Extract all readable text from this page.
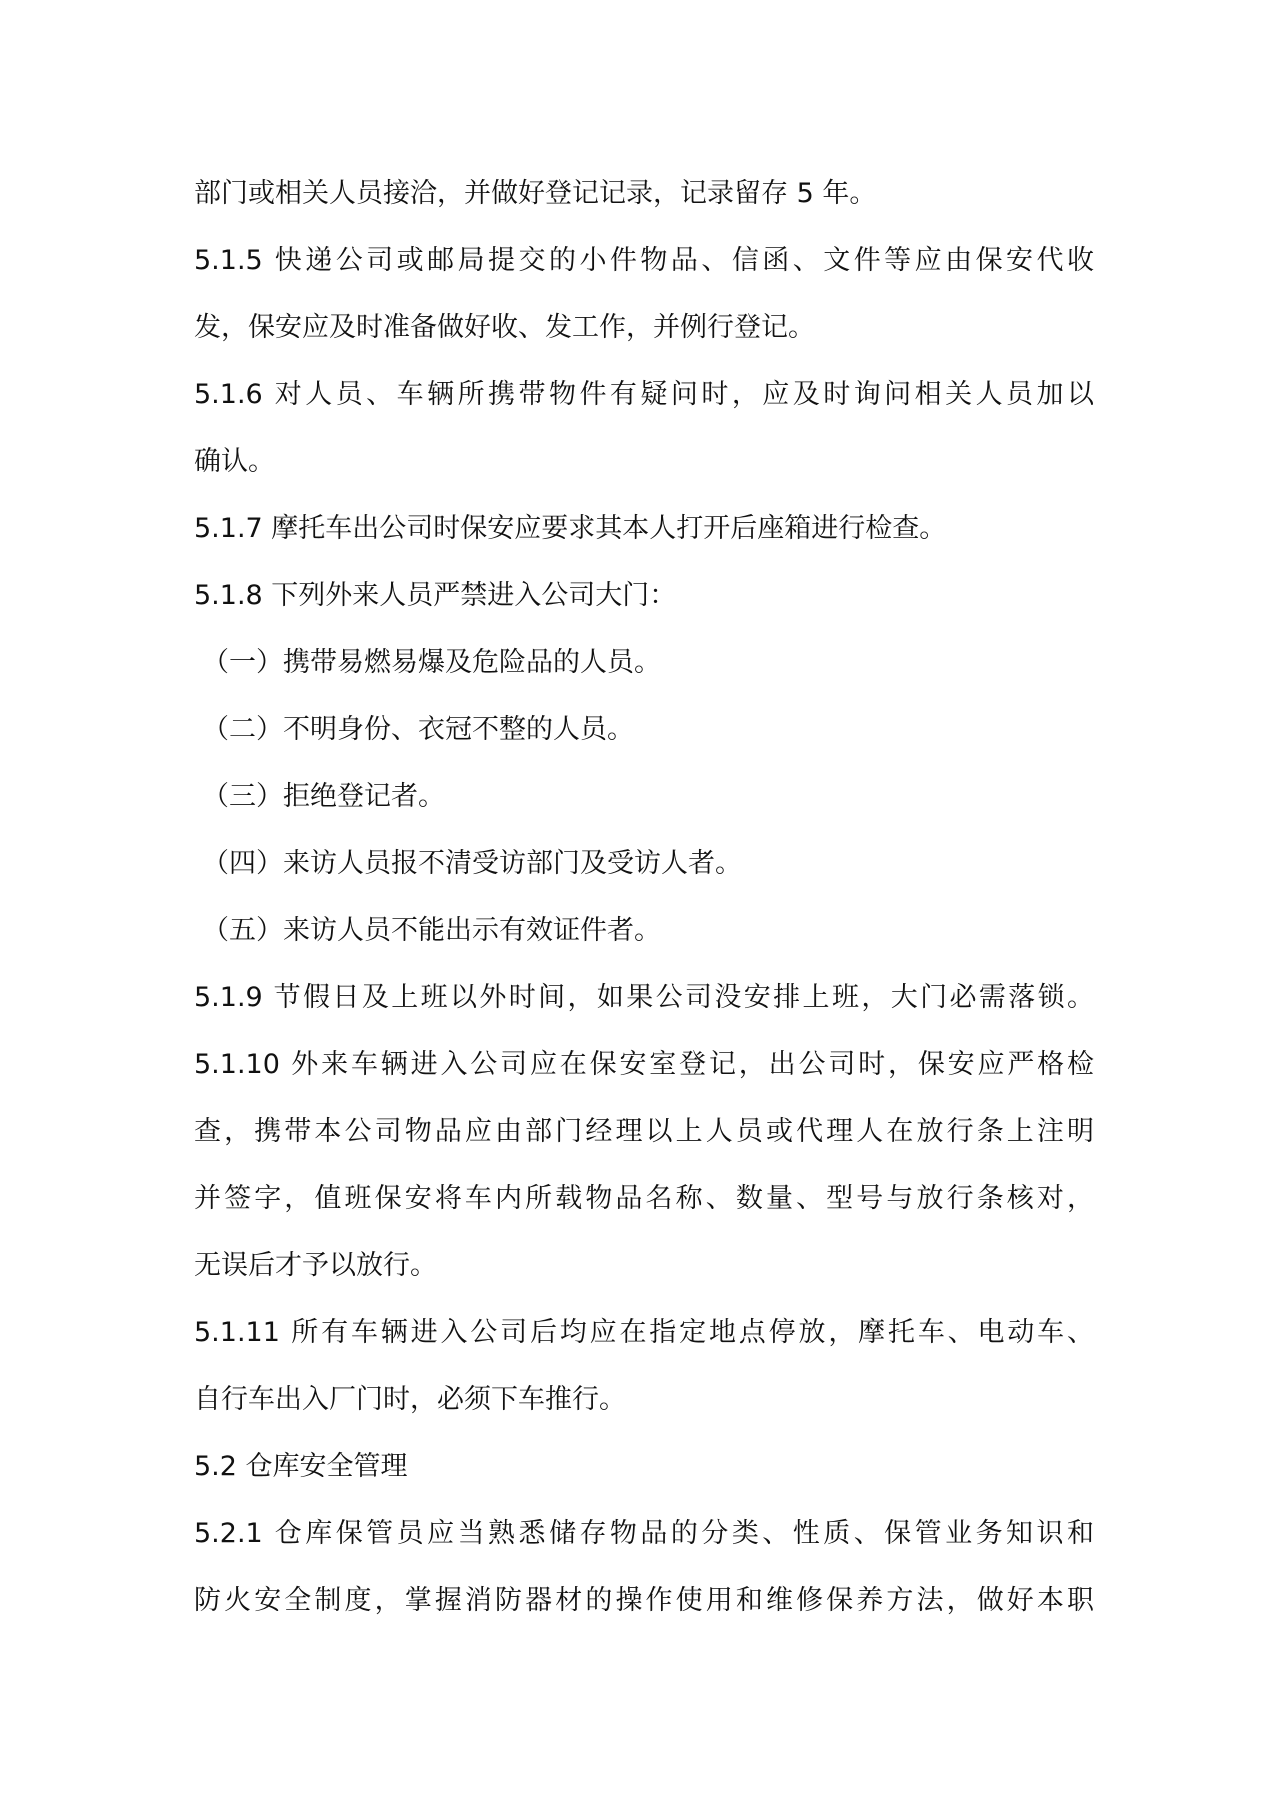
部门或相关人员接洽，并做好登记记录，记录留存 5 年。
5.1.5 快递公司或邮局提交的小件物品、信函、文件等应由保安代收
发，保安应及时准备做好收、发工作，并例行登记。
5.1.6 对人员、车辆所携带物件有疑问时，应及时询问相关人员加以
确认。
5.1.7 摩托车出公司时保安应要求其本人打开后座箱进行检查。
5.1.8 下列外来人员严禁进入公司大门：
（一）携带易燃易爆及危险品的人员。
（二）不明身份、衣冠不整的人员。
（三）拒绝登记者。
（四）来访人员报不清受访部门及受访人者。
（五）来访人员不能出示有效证件者。
5.1.9 节假日及上班以外时间，如果公司没安排上班，大门必需落锁。
5.1.10 外来车辆进入公司应在保安室登记，出公司时，保安应严格检
查，携带本公司物品应由部门经理以上人员或代理人在放行条上注明
并签字，值班保安将车内所载物品名称、数量、型号与放行条核对，
无误后才予以放行。
5.1.11 所有车辆进入公司后均应在指定地点停放，摩托车、电动车、
自行车出入厂门时，必须下车推行。
5.2 仓库安全管理
5.2.1 仓库保管员应当熟悉储存物品的分类、性质、保管业务知识和
防火安全制度，掌握消防器材的操作使用和维修保养方法，做好本职
